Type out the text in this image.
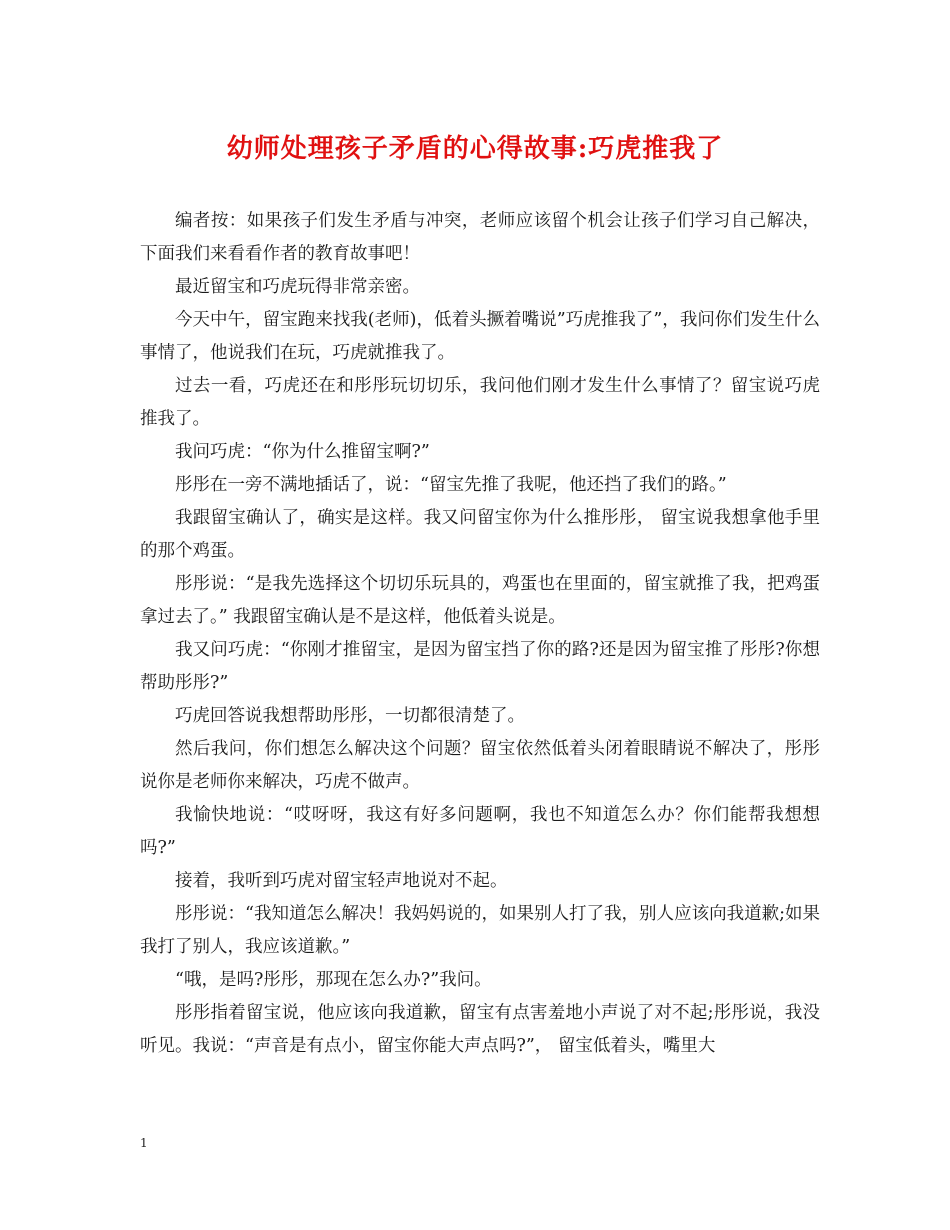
幼师处理孩子矛盾的心得故事:巧虎推我了

编者按：如果孩子们发生矛盾与冲突，老师应该留个机会让孩子们学习自己解决，下面我们来看看作者的教育故事吧！

最近留宝和巧虎玩得非常亲密。

今天中午，留宝跑来找我(老师)，低着头撅着嘴说”巧虎推我了”，我问你们发生什么事情了，他说我们在玩，巧虎就推我了。

过去一看，巧虎还在和彤彤玩切切乐，我问他们刚才发生什么事情了？留宝说巧虎推我了。

我问巧虎：“你为什么推留宝啊?”

彤彤在一旁不满地插话了，说：“留宝先推了我呢，他还挡了我们的路。”

我跟留宝确认了，确实是这样。我又问留宝你为什么推彤彤， 留宝说我想拿他手里的那个鸡蛋。

彤彤说：“是我先选择这个切切乐玩具的，鸡蛋也在里面的，留宝就推了我，把鸡蛋拿过去了。” 我跟留宝确认是不是这样，他低着头说是。

我又问巧虎：“你刚才推留宝，是因为留宝挡了你的路?还是因为留宝推了彤彤?你想帮助彤彤?”

巧虎回答说我想帮助彤彤，一切都很清楚了。

然后我问，你们想怎么解决这个问题？留宝依然低着头闭着眼睛说不解决了，彤彤说你是老师你来解决，巧虎不做声。

我愉快地说：“哎呀呀，我这有好多问题啊，我也不知道怎么办？你们能帮我想想吗?”

接着，我听到巧虎对留宝轻声地说对不起。

彤彤说：“我知道怎么解决！我妈妈说的，如果别人打了我，别人应该向我道歉;如果我打了别人，我应该道歉。”

“哦，是吗?彤彤，那现在怎么办?”我问。

彤彤指着留宝说，他应该向我道歉，留宝有点害羞地小声说了对不起;彤彤说，我没听见。我说：“声音是有点小，留宝你能大声点吗?”， 留宝低着头，嘴里大

1
